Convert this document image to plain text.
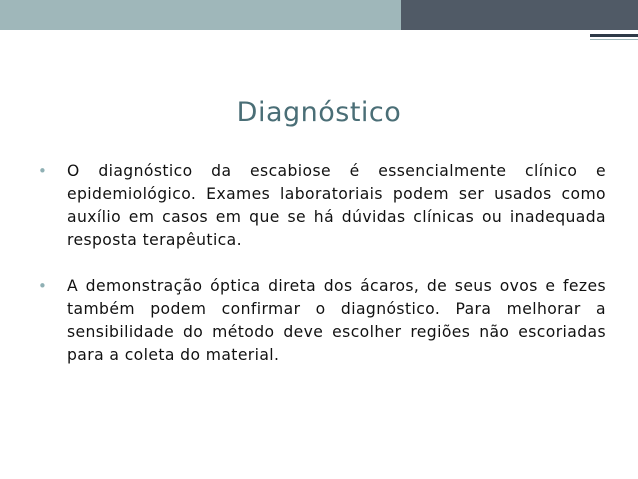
Diagnóstico
• O diagnóstico da escabiose é essencialmente clínico e epidemiológico. Exames laboratoriais podem ser usados como auxílio em casos em que se há dúvidas clínicas ou inadequada resposta terapêutica.
• A demonstração óptica direta dos ácaros, de seus ovos e fezes também podem confirmar o diagnóstico. Para melhorar a sensibilidade do método deve escolher regiões não escoriadas para a coleta do material.
